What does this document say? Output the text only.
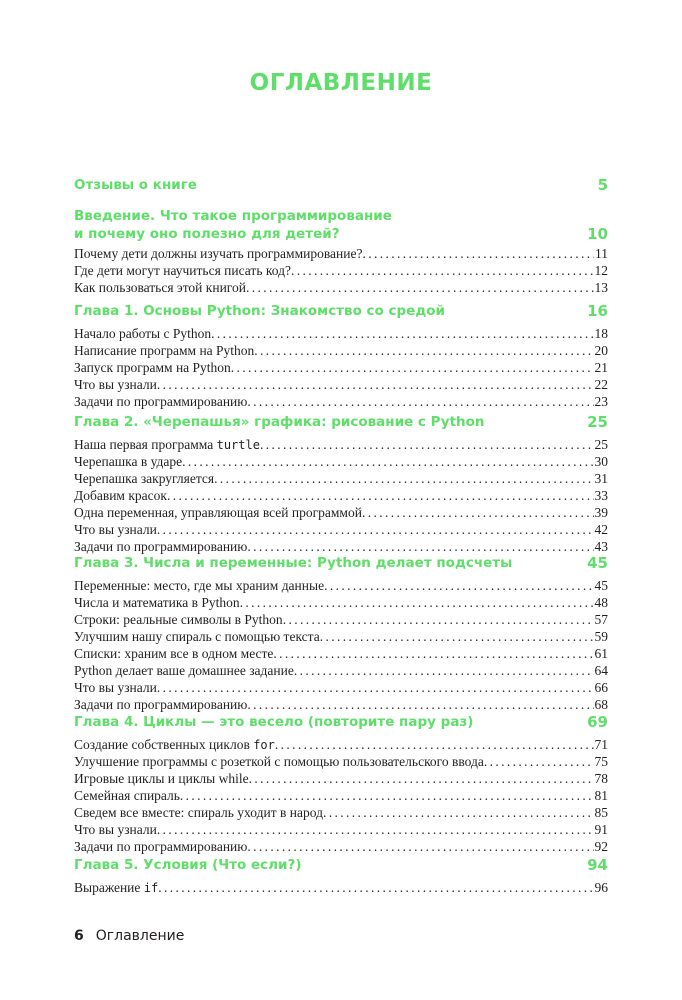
ОГЛАВЛЕНИЕ
Отзывы о книге	5
Введение. Что такое программирование
и почему оно полезно для детей?	10
Почему дети должны изучать программирование? . . .	11
Где дети могут научиться писать код? . . .	12
Как пользоваться этой книгой . . .	13
Глава 1. Основы Python: Знакомство со средой	16
Начало работы с Python . . .	18
Написание программ на Python . . .	20
Запуск программ на Python . . .	21
Что вы узнали . . .	22
Задачи по программированию . . .	23
Глава 2. «Черепашья» графика: рисование с Python	25
Наша первая программа turtle . . .	25
Черепашка в ударе . . .	30
Черепашка закругляется . . .	31
Добавим красок . . .	33
Одна переменная, управляющая всей программой . . .	39
Что вы узнали . . .	42
Задачи по программированию . . .	43
Глава 3. Числа и переменные: Python делает подсчеты	45
Переменные: место, где мы храним данные . . .	45
Числа и математика в Python . . .	48
Строки: реальные символы в Python . . .	57
Улучшим нашу спираль с помощью текста . . .	59
Списки: храним все в одном месте . . .	61
Python делает ваше домашнее задание . . .	64
Что вы узнали . . .	66
Задачи по программированию . . .	68
Глава 4. Циклы — это весело (повторите пару раз)	69
Создание собственных циклов for . . .	71
Улучшение программы с розеткой с помощью пользовательского ввода . . .	75
Игровые циклы и циклы while . . .	78
Семейная спираль . . .	81
Сведем все вместе: спираль уходит в народ . . .	85
Что вы узнали . . .	91
Задачи по программированию . . .	92
Глава 5. Условия (Что если?)	94
Выражение if . . .	96
6 Оглавление
